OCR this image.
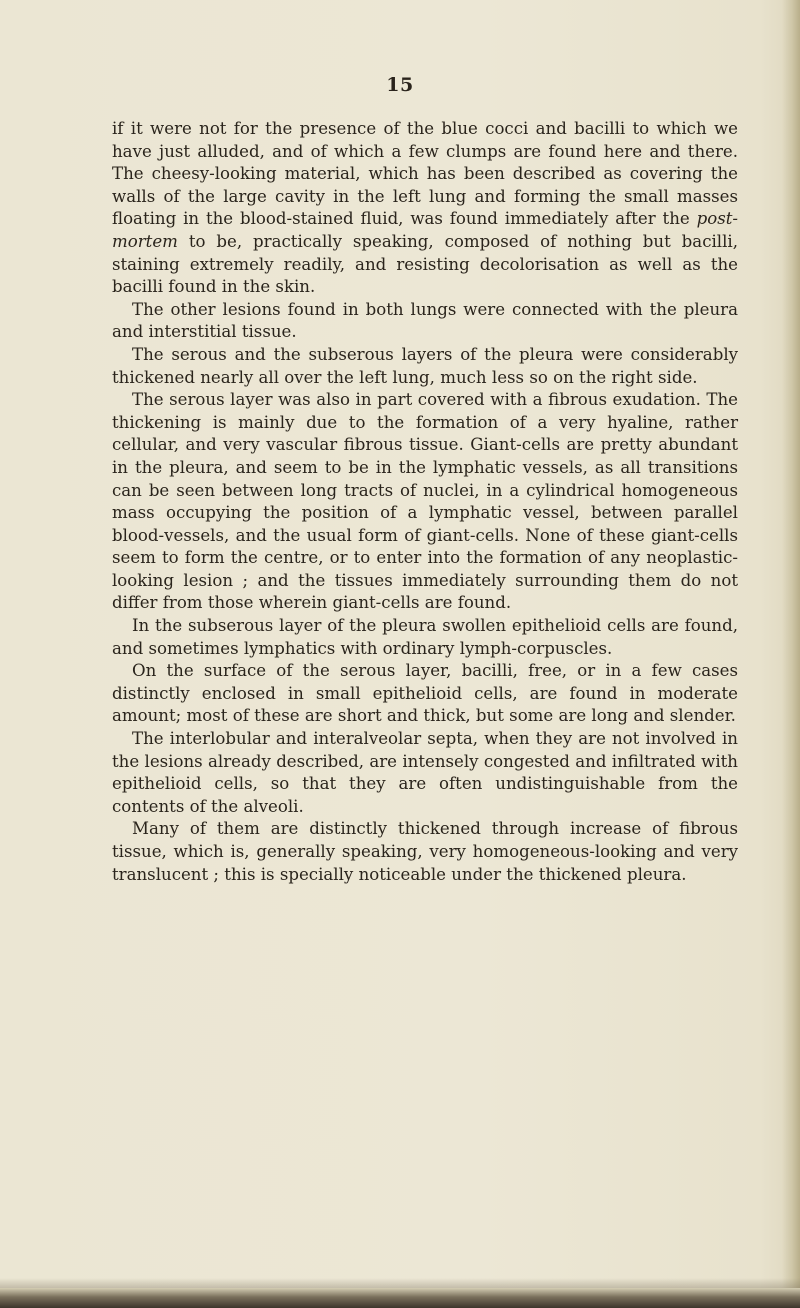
15

if it were not for the presence of the blue cocci and bacilli to which we have just alluded, and of which a few clumps are found here and there. The cheesy-looking material, which has been described as covering the walls of the large cavity in the left lung and forming the small masses floating in the blood-stained fluid, was found immediately after the post-mortem to be, practically speaking, composed of nothing but bacilli, staining extremely readily, and resisting decolorisation as well as the bacilli found in the skin.

The other lesions found in both lungs were connected with the pleura and interstitial tissue.

The serous and the subserous layers of the pleura were considerably thickened nearly all over the left lung, much less so on the right side.

The serous layer was also in part covered with a fibrous exudation. The thickening is mainly due to the formation of a very hyaline, rather cellular, and very vascular fibrous tissue. Giant-cells are pretty abundant in the pleura, and seem to be in the lymphatic vessels, as all transitions can be seen between long tracts of nuclei, in a cylindrical homogeneous mass occupying the position of a lymphatic vessel, between parallel blood-vessels, and the usual form of giant-cells. None of these giant-cells seem to form the centre, or to enter into the formation of any neoplastic-looking lesion ; and the tissues immediately surrounding them do not differ from those wherein giant-cells are found.

In the subserous layer of the pleura swollen epithelioid cells are found, and sometimes lymphatics with ordinary lymph-corpuscles.

On the surface of the serous layer, bacilli, free, or in a few cases distinctly enclosed in small epithelioid cells, are found in moderate amount; most of these are short and thick, but some are long and slender.

The interlobular and interalveolar septa, when they are not involved in the lesions already described, are intensely congested and infiltrated with epithelioid cells, so that they are often undistinguishable from the contents of the alveoli.

Many of them are distinctly thickened through increase of fibrous tissue, which is, generally speaking, very homogeneous-looking and very translucent ; this is specially noticeable under the thickened pleura.
